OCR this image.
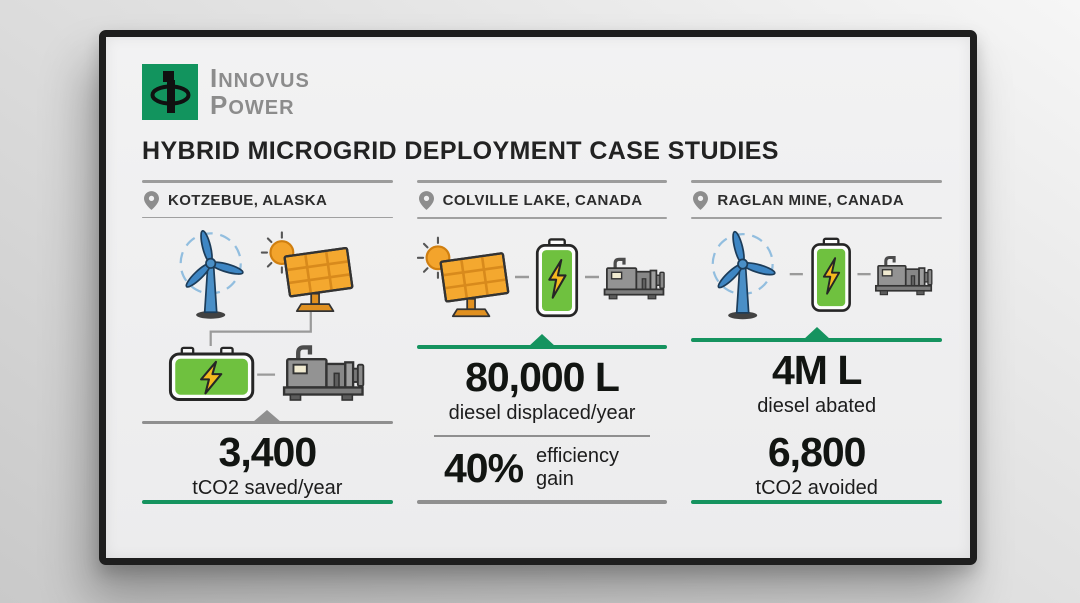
INNOVUS
POWER
HYBRID MICROGRID DEPLOYMENT CASE STUDIES
KOTZEBUE, ALASKA
3,400
tCO2 saved/year
COLVILLE LAKE, CANADA
80,000 L
diesel displaced/year
40% efficiency gain
RAGLAN MINE, CANADA
4M L
diesel abated
6,800
tCO2 avoided
